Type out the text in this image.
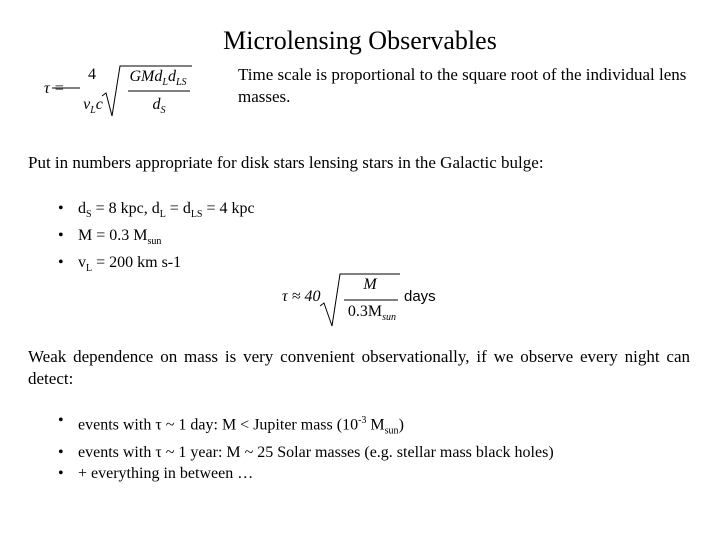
Microlensing Observables
τ =
4
$v_Lc$
$GMd_Ld_{LS}$
$d_S$
Time scale is proportional to the square root of the individual lens masses.
Put in numbers appropriate for disk stars lensing stars in the Galactic bulge:
• $d_S = 8$ kpc, $d_L = d_{LS} = 4$ kpc
• M = 0.3 $M_{sun}$
• $v_L = 200$ km s-1
τ ≈ 40
M
$0.3M_{sun}$
days
Weak dependence on mass is very convenient observationally, if we observe every night can detect:
• events with τ ~ 1 day: M < Jupiter mass ($10^{-3}$ $M_{sun}$)
• events with τ ~ 1 year: M ~ 25 Solar masses (e.g. stellar mass black holes)
• + everything in between …
